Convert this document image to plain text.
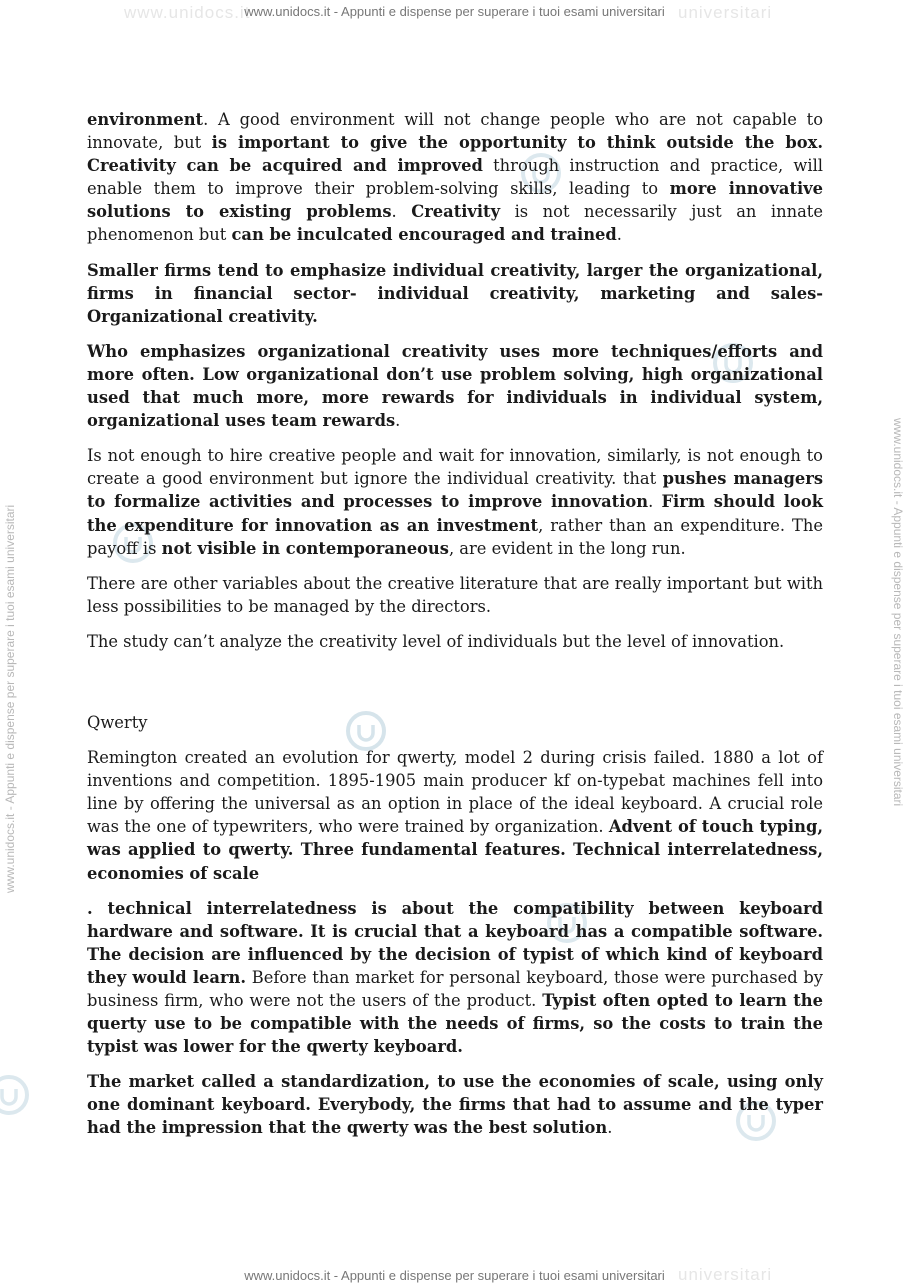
www.unidocs.it	universitari
universitari
www.unidocs.it - Appunti e dispense per superare i tuoi esami universitari
www.unidocs.it - Appunti e dispense per superare i tuoi esami universitari
www.unidocs.it - Appunti e dispense per superare i tuoi esami universitari	www.unidocs.it - Appunti e dispense per superare i tuoi esami universitari

environment. A good environment will not change people who are not capable to innovate, but is important to give the opportunity to think outside the box. Creativity can be acquired and improved through instruction and practice, will enable them to improve their problem-solving skills, leading to more innovative solutions to existing problems. Creativity is not necessarily just an innate phenomenon but can be inculcated encouraged and trained.

Smaller firms tend to emphasize individual creativity, larger the organizational, firms in financial sector- individual creativity, marketing and sales-Organizational creativity.

Who emphasizes organizational creativity uses more techniques/efforts and more often. Low organizational don’t use problem solving, high organizational used that much more, more rewards for individuals in individual system, organizational uses team rewards.

Is not enough to hire creative people and wait for innovation, similarly, is not enough to create a good environment but ignore the individual creativity. that pushes managers to formalize activities and processes to improve innovation. Firm should look the expenditure for innovation as an investment, rather than an expenditure. The payoff is not visible in contemporaneous, are evident in the long run.

There are other variables about the creative literature that are really important but with less possibilities to be managed by the directors.

The study can’t analyze the creativity level of individuals but the level of innovation.

Qwerty

Remington created an evolution for qwerty, model 2 during crisis failed. 1880 a lot of inventions and competition. 1895-1905 main producer kf on-typebat machines fell into line by offering the universal as an option in place of the ideal keyboard. A crucial role was the one of typewriters, who were trained by organization. Advent of touch typing, was applied to qwerty. Three fundamental features. Technical interrelatedness, economies of scale

. technical interrelatedness is about the compatibility between keyboard hardware and software. It is crucial that a keyboard has a compatible software. The decision are influenced by the decision of typist of which kind of keyboard they would learn. Before than market for personal keyboard, those were purchased by business firm, who were not the users of the product. Typist often opted to learn the querty use to be compatible with the needs of firms, so the costs to train the typist was lower for the qwerty keyboard.

The market called a standardization, to use the economies of scale, using only one dominant keyboard. Everybody, the firms that had to assume and the typer had the impression that the qwerty was the best solution.
